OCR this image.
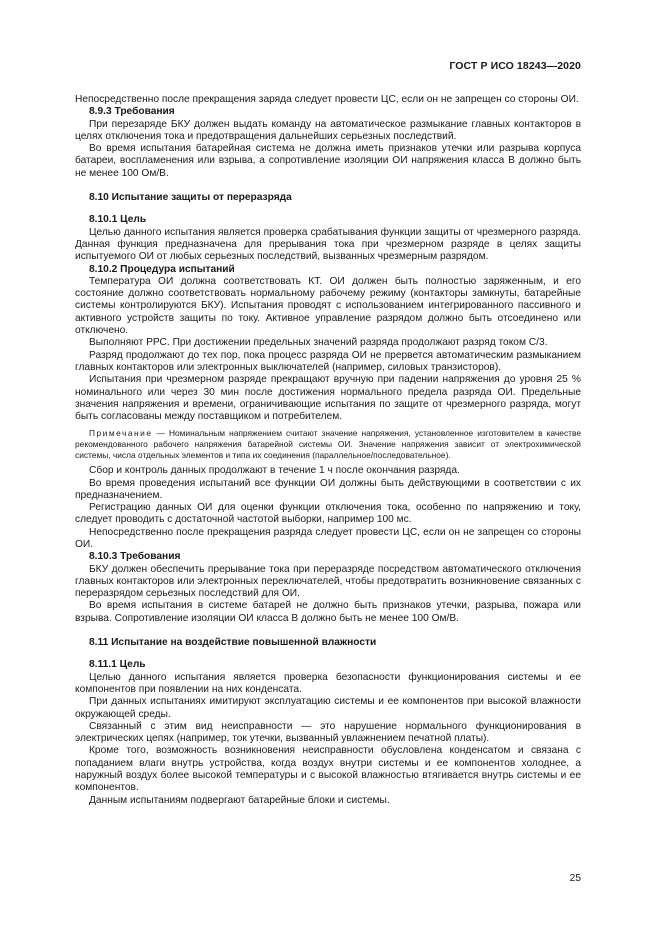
ГОСТ Р ИСО 18243—2020

Непосредственно после прекращения заряда следует провести ЦС, если он не запрещен со стороны ОИ.

8.9.3 Требования

При перезаряде БКУ должен выдать команду на автоматическое размыкание главных контакторов в целях отключения тока и предотвращения дальнейших серьезных последствий.

Во время испытания батарейная система не должна иметь признаков утечки или разрыва корпуса батареи, воспламенения или взрыва, а сопротивление изоляции ОИ напряжения класса В должно быть не менее 100 Ом/В.

8.10 Испытание защиты от переразряда
8.10.1 Цель

Целью данного испытания является проверка срабатывания функции защиты от чрезмерного разряда. Данная функция предназначена для прерывания тока при чрезмерном разряде в целях защиты испытуемого ОИ от любых серьезных последствий, вызванных чрезмерным разрядом.

8.10.2 Процедура испытаний

Температура ОИ должна соответствовать КТ. ОИ должен быть полностью заряженным, и его состояние должно соответствовать нормальному рабочему режиму (контакторы замкнуты, батарейные системы контролируются БКУ). Испытания проводят с использованием интегрированного пассивного и активного устройств защиты по току. Активное управление разрядом должно быть отсоединено или отключено.

Выполняют РРС. При достижении предельных значений разряда продолжают разряд током С/3.

Разряд продолжают до тех пор, пока процесс разряда ОИ не прервется автоматическим размыканием главных контакторов или электронных выключателей (например, силовых транзисторов).

Испытания при чрезмерном разряде прекращают вручную при падении напряжения до уровня 25 % номинального или через 30 мин после достижения нормального предела разряда ОИ. Предельные значения напряжения и времени, ограничивающие испытания по защите от чрезмерного разряда, могут быть согласованы между поставщиком и потребителем.

Примечание — Номинальным напряжением считают значение напряжения, установленное изготовителем в качестве рекомендованного рабочего напряжения батарейной системы ОИ. Значение напряжения зависит от электрохимической системы, числа отдельных элементов и типа их соединения (параллельное/последовательное).

Сбор и контроль данных продолжают в течение 1 ч после окончания разряда.

Во время проведения испытаний все функции ОИ должны быть действующими в соответствии с их предназначением.

Регистрацию данных ОИ для оценки функции отключения тока, особенно по напряжению и току, следует проводить с достаточной частотой выборки, например 100 мс.

Непосредственно после прекращения разряда следует провести ЦС, если он не запрещен со стороны ОИ.

8.10.3 Требования

БКУ должен обеспечить прерывание тока при переразряде посредством автоматического отключения главных контакторов или электронных переключателей, чтобы предотвратить возникновение связанных с переразрядом серьезных последствий для ОИ.

Во время испытания в системе батарей не должно быть признаков утечки, разрыва, пожара или взрыва. Сопротивление изоляции ОИ класса В должно быть не менее 100 Ом/В.

8.11 Испытание на воздействие повышенной влажности
8.11.1 Цель

Целью данного испытания является проверка безопасности функционирования системы и ее компонентов при появлении на них конденсата.

При данных испытаниях имитируют эксплуатацию системы и ее компонентов при высокой влажности окружающей среды.

Связанный с этим вид неисправности — это нарушение нормального функционирования в электрических цепях (например, ток утечки, вызванный увлажнением печатной платы).

Кроме того, возможность возникновения неисправности обусловлена конденсатом и связана с попаданием влаги внутрь устройства, когда воздух внутри системы и ее компонентов холоднее, а наружный воздух более высокой температуры и с высокой влажностью втягивается внутрь системы и ее компонентов.

Данным испытаниям подвергают батарейные блоки и системы.

25
